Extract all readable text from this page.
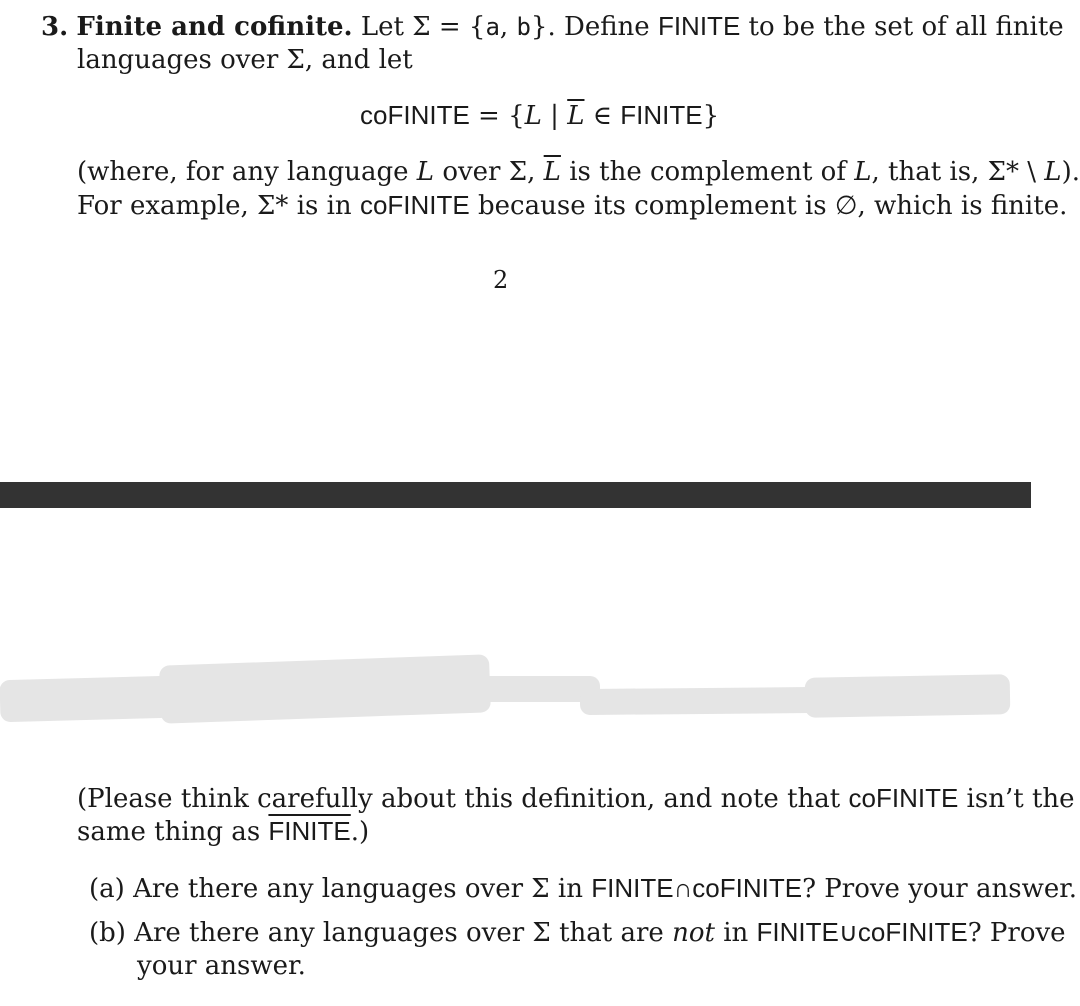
3. Finite and cofinite. Let Σ = {a, b}. Define FINITE to be the set of all finite
languages over Σ, and let
coFINITE = {L | $\overline{L}$ ∈ FINITE}
(where, for any language L over Σ, $\overline{L}$ is the complement of L, that is, Σ* \ L).
For example, Σ* is in coFINITE because its complement is ∅, which is finite.
2
(Please think carefully about this definition, and note that coFINITE isn’t the
same thing as FINITE.)
(a) Are there any languages over Σ in FINITE∩coFINITE? Prove your answer.
(b) Are there any languages over Σ that are not in FINITE∪coFINITE? Prove
your answer.
